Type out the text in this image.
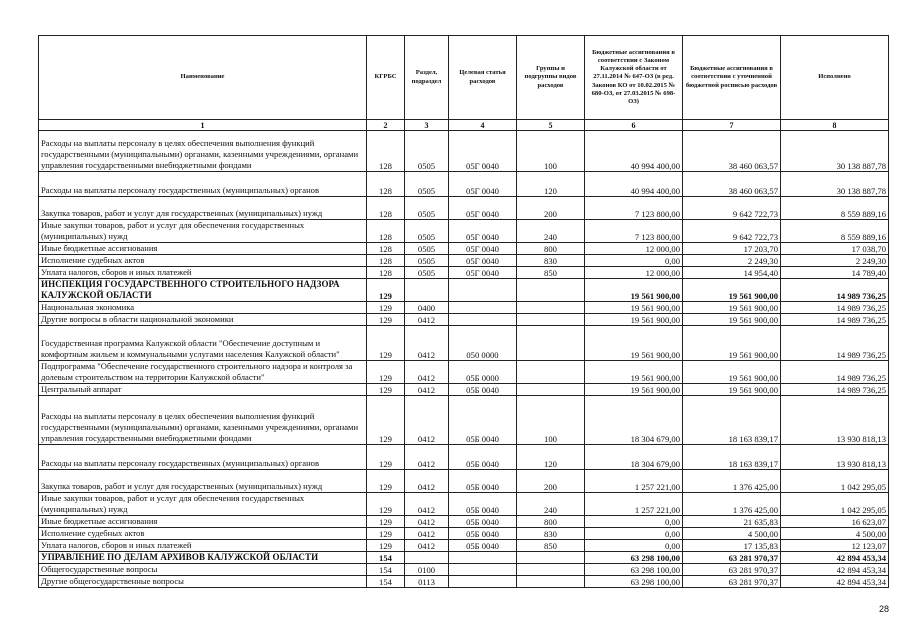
Наименование	КГРБС	Раздел, подраздел	Целевая статья расходов	Группы и подгруппы видов расходов	Бюджетные ассигнования в соответствии с Законом Калужской области от 27.11.2014 № 647-ОЗ (в ред. Законов КО от 10.02.2015 № 680-ОЗ, от 27.03.2015 № 698-ОЗ)	Бюджетные ассигнования в соответствии с уточненной бюджетной росписью расходов	Исполнено
1	2	3	4	5	6	7	8
Расходы на выплаты персоналу в целях обеспечения выполнения функций государственными (муниципальными) органами, казенными учреждениями, органами управления государственными внебюджетными фондами	128	0505	05Г 0040	100	40 994 400,00	38 460 063,57	30 138 887,78
Расходы на выплаты персоналу государственных (муниципальных) органов	128	0505	05Г 0040	120	40 994 400,00	38 460 063,57	30 138 887,78
Закупка товаров, работ и услуг для государственных (муниципальных) нужд	128	0505	05Г 0040	200	7 123 800,00	9 642 722,73	8 559 889,16
Иные закупки товаров, работ и услуг для обеспечения государственных (муниципальных) нужд	128	0505	05Г 0040	240	7 123 800,00	9 642 722,73	8 559 889,16
Иные бюджетные ассигнования	128	0505	05Г 0040	800	12 000,00	17 203,70	17 038,70
Исполнение судебных актов	128	0505	05Г 0040	830	0,00	2 249,30	2 249,30
Уплата налогов, сборов и иных платежей	128	0505	05Г 0040	850	12 000,00	14 954,40	14 789,40
ИНСПЕКЦИЯ ГОСУДАРСТВЕННОГО СТРОИТЕЛЬНОГО НАДЗОРА КАЛУЖСКОЙ ОБЛАСТИ	129				19 561 900,00	19 561 900,00	14 989 736,25
Национальная экономика	129	0400			19 561 900,00	19 561 900,00	14 989 736,25
Другие вопросы в области национальной экономики	129	0412			19 561 900,00	19 561 900,00	14 989 736,25
Государственная программа Калужской области "Обеспечение доступным и комфортным жильем и коммунальными услугами населения Калужской области"	129	0412	050 0000		19 561 900,00	19 561 900,00	14 989 736,25
Подпрограмма "Обеспечение государственного строительного надзора и контроля за долевым строительством на территории Калужской области"	129	0412	05Б 0000		19 561 900,00	19 561 900,00	14 989 736,25
Центральный аппарат	129	0412	05Б 0040		19 561 900,00	19 561 900,00	14 989 736,25
Расходы на выплаты персоналу в целях обеспечения выполнения функций государственными (муниципальными) органами, казенными учреждениями, органами управления государственными внебюджетными фондами	129	0412	05Б 0040	100	18 304 679,00	18 163 839,17	13 930 818,13
Расходы на выплаты персоналу государственных (муниципальных) органов	129	0412	05Б 0040	120	18 304 679,00	18 163 839,17	13 930 818,13
Закупка товаров, работ и услуг для государственных (муниципальных) нужд	129	0412	05Б 0040	200	1 257 221,00	1 376 425,00	1 042 295,05
Иные закупки товаров, работ и услуг для обеспечения государственных (муниципальных) нужд	129	0412	05Б 0040	240	1 257 221,00	1 376 425,00	1 042 295,05
Иные бюджетные ассигнования	129	0412	05Б 0040	800	0,00	21 635,83	16 623,07
Исполнение судебных актов	129	0412	05Б 0040	830	0,00	4 500,00	4 500,00
Уплата налогов, сборов и иных платежей	129	0412	05Б 0040	850	0,00	17 135,83	12 123,07
УПРАВЛЕНИЕ ПО ДЕЛАМ АРХИВОВ КАЛУЖСКОЙ ОБЛАСТИ	154				63 298 100,00	63 281 970,37	42 894 453,34
Общегосударственные вопросы	154	0100			63 298 100,00	63 281 970,37	42 894 453,34
Другие общегосударственные вопросы	154	0113			63 298 100,00	63 281 970,37	42 894 453,34
28
